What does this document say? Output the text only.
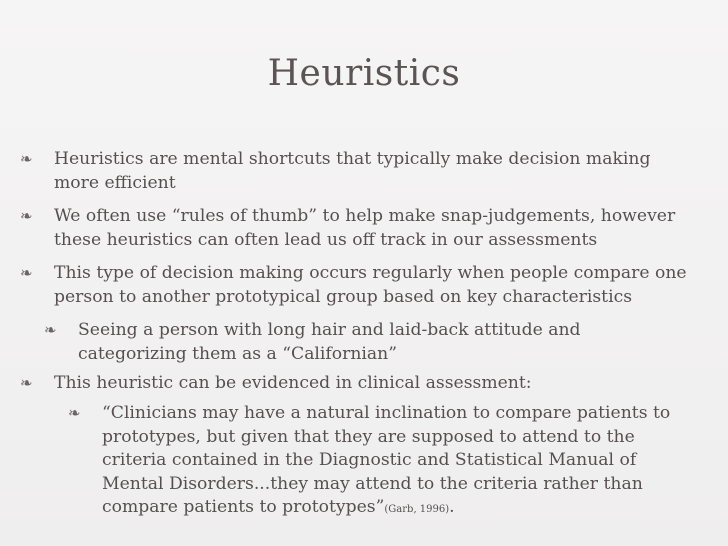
Heuristics
❧ Heuristics are mental shortcuts that typically make decision making more efficient
❧ We often use “rules of thumb” to help make snap-judgements, however these heuristics can often lead us off track in our assessments
❧ This type of decision making occurs regularly when people compare one person to another prototypical group based on key characteristics
❧ Seeing a person with long hair and laid-back attitude and categorizing them as a “Californian”
❧ This heuristic can be evidenced in clinical assessment:
❧ “Clinicians may have a natural inclination to compare patients to prototypes, but given that they are supposed to attend to the criteria contained in the Diagnostic and Statistical Manual of Mental Disorders...they may attend to the criteria rather than compare patients to prototypes”(Garb, 1996).
